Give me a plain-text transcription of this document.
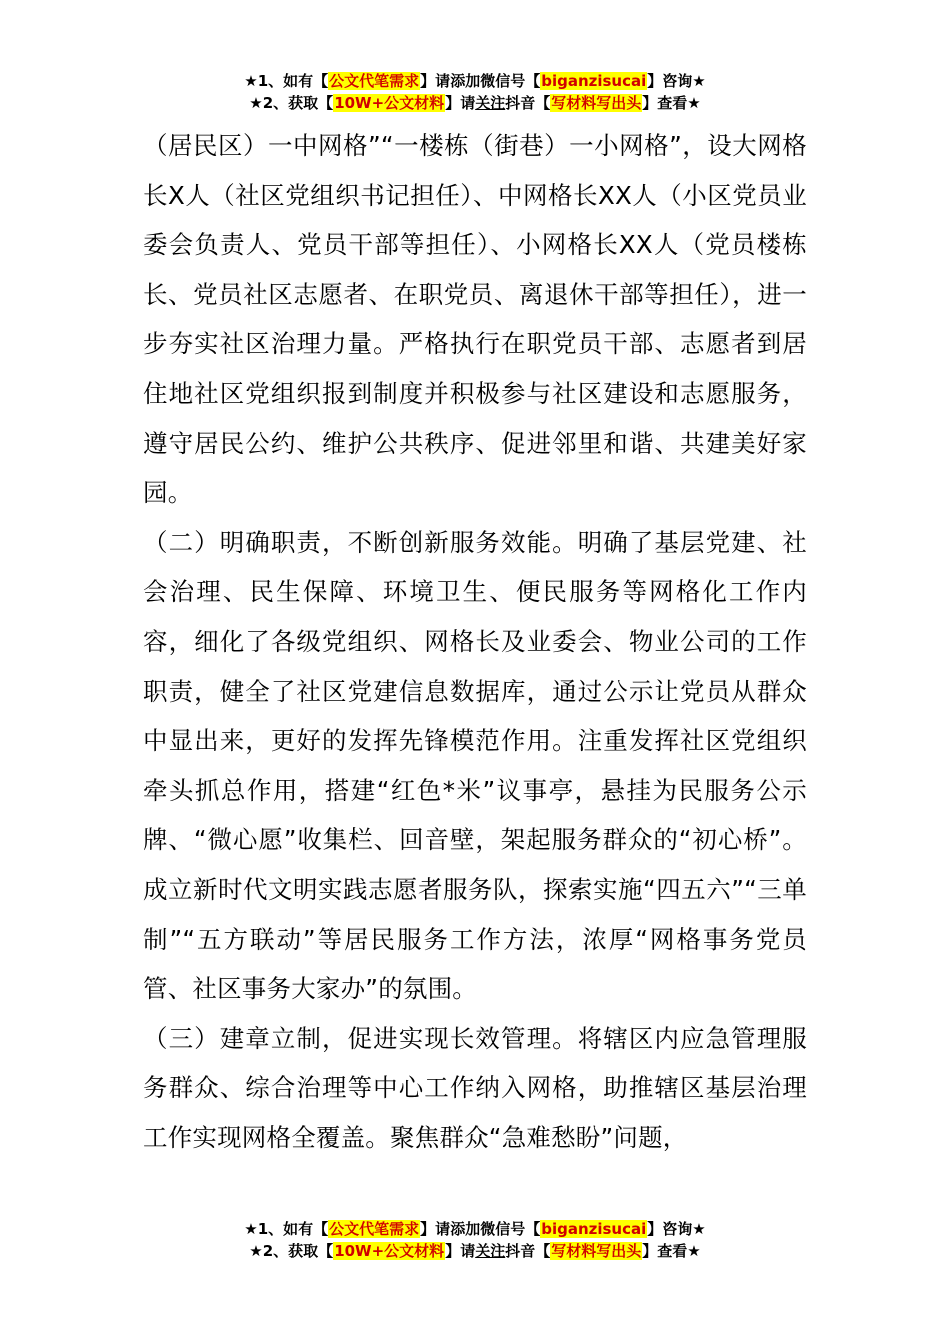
★1、如有【公文代笔需求】请添加微信号【biganzisucai】咨询★
★2、获取【10W+公文材料】请关注抖音【写材料写出头】查看★

（居民区）一中网格”“一楼栋（街巷）一小网格”，设大网格长X人（社区党组织书记担任）、中网格长XX人（小区党员业委会负责人、党员干部等担任）、小网格长XX人（党员楼栋长、党员社区志愿者、在职党员、离退休干部等担任），进一步夯实社区治理力量。严格执行在职党员干部、志愿者到居住地社区党组织报到制度并积极参与社区建设和志愿服务，遵守居民公约、维护公共秩序、促进邻里和谐、共建美好家园。

（二）明确职责，不断创新服务效能。明确了基层党建、社会治理、民生保障、环境卫生、便民服务等网格化工作内容，细化了各级党组织、网格长及业委会、物业公司的工作职责，健全了社区党建信息数据库，通过公示让党员从群众中显出来，更好的发挥先锋模范作用。注重发挥社区党组织牵头抓总作用，搭建“红色*米”议事亭，悬挂为民服务公示牌、“微心愿”收集栏、回音壁，架起服务群众的“初心桥”。成立新时代文明实践志愿者服务队，探索实施“四五六”“三单制”“五方联动”等居民服务工作方法，浓厚“网格事务党员管、社区事务大家办”的氛围。

（三）建章立制，促进实现长效管理。将辖区内应急管理服务群众、综合治理等中心工作纳入网格，助推辖区基层治理工作实现网格全覆盖。聚焦群众“急难愁盼”问题，

★1、如有【公文代笔需求】请添加微信号【biganzisucai】咨询★
★2、获取【10W+公文材料】请关注抖音【写材料写出头】查看★
